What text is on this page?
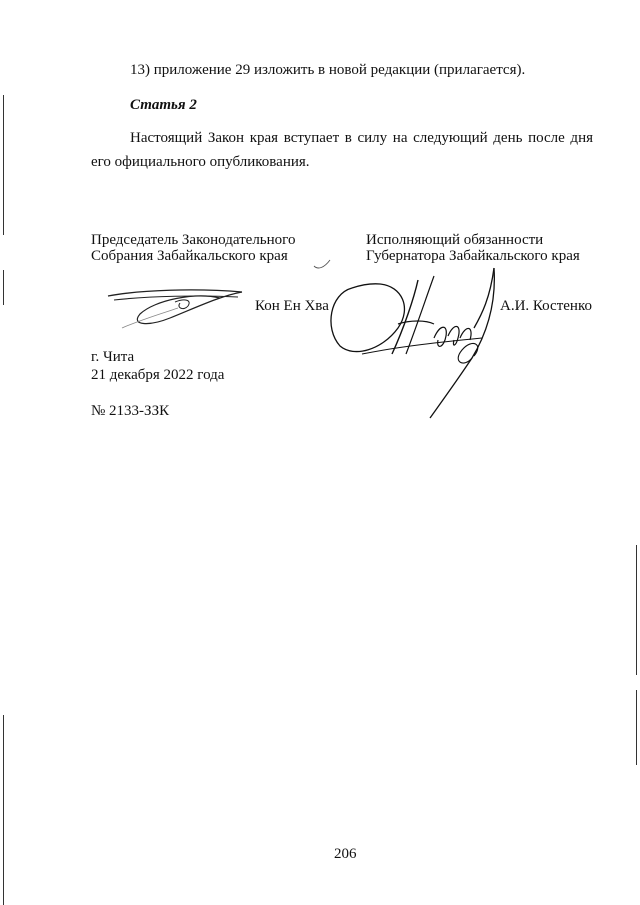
13) приложение 29 изложить в новой редакции (прилагается).
Статья 2
Настоящий Закон края вступает в силу на следующий день после дня
его официального опубликования.
Председатель Законодательного
Собрания Забайкальского края
Кон Ен Хва
Исполняющий обязанности
Губернатора Забайкальского края
А.И. Костенко
г. Чита
21 декабря 2022 года
№ 2133-ЗЗК
206
